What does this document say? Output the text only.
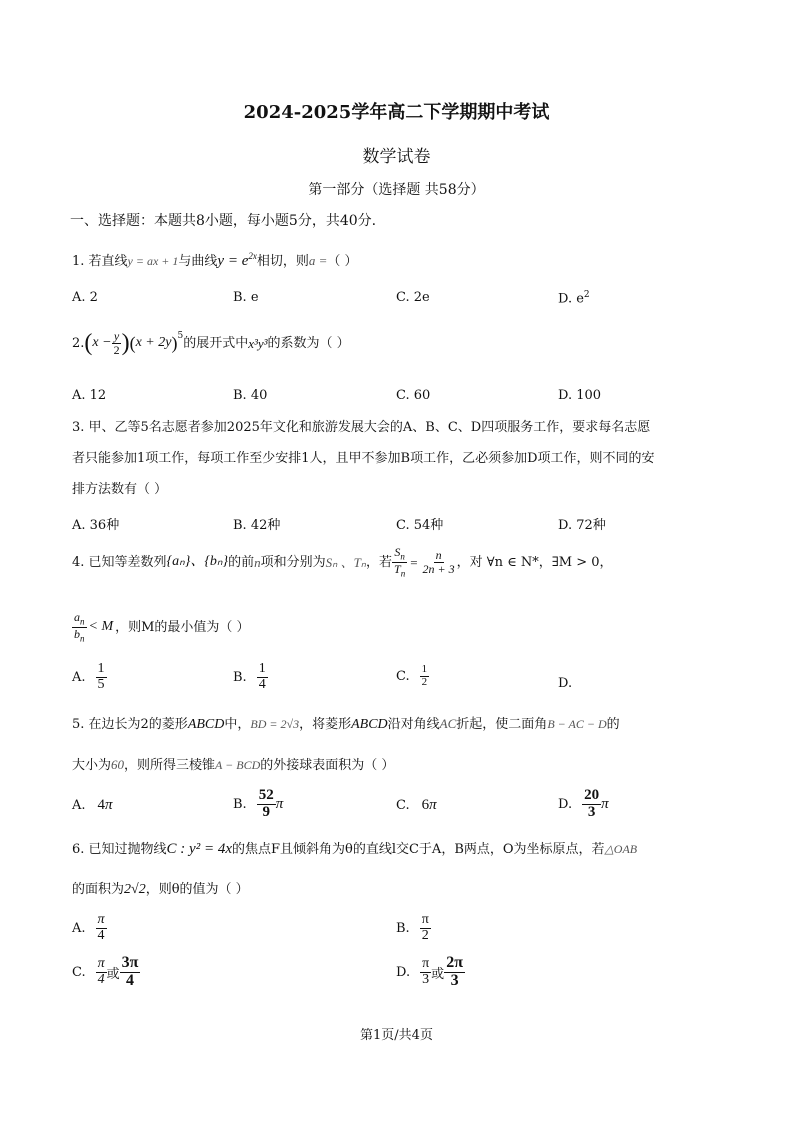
2024-2025学年高二下学期期中考试
数学试卷
第一部分（选择题 共58分）
一、选择题：本题共8小题，每小题5分，共40分.
1. 若直线y = ax + 1与曲线$y = e^{2x}$相切，则a =（ ）
A. 2	B. e	C. 2e	D. $e^2$
2. ( $x - \frac{y}{2}$ ) ( x + 2y )$^5$ 的展开式中 x³y³ 的系数为（ ）
A. 12	B. 40	C. 60	D. 100
3. 甲、乙等5名志愿者参加2025年文化和旅游发展大会的A、B、C、D四项服务工作，要求每名志愿
者只能参加1项工作，每项工作至少安排1人，且甲不参加B项工作，乙必须参加D项工作，则不同的安
排方法数有（ ）
A. 36种	B. 42种	C. 54种	D. 72种
4. 已知等差数列 {aₙ}、{bₙ} 的前 n 项和分别为 Sₙ 、Tₙ ，若 $\frac{S_n}{T_n} = \frac{n}{2n + 3}$ ，对 ∀n ∈ N*，∃M > 0，
$\frac{a_n}{b_n} < M$ ，则M的最小值为（ ）
A. $\frac{1}{5}$	B. $\frac{1}{4}$	C. $\frac{1}{2}$	D.
5. 在边长为2的菱形ABCD中，BD = 2√3，将菱形ABCD沿对角线AC折起，使二面角B − AC − D的
大小为60，则所得三棱锥A − BCD的外接球表面积为（ ）
A. 4π	B. $\frac{52}{9}$ π	C. 6π	D. $\frac{20}{3}$ π
6. 已知过抛物线C : y² = 4x的焦点F且倾斜角为θ的直线l交C于A，B两点，O为坐标原点，若△OAB
的面积为2√2，则θ的值为（ ）
A. $\frac{\pi}{4}$	B. $\frac{\pi}{2}$
C. $\frac{\pi}{4}$ 或 $\frac{3\pi}{4}$	D. $\frac{\pi}{3}$ 或 $\frac{2\pi}{3}$
第1页/共4页
